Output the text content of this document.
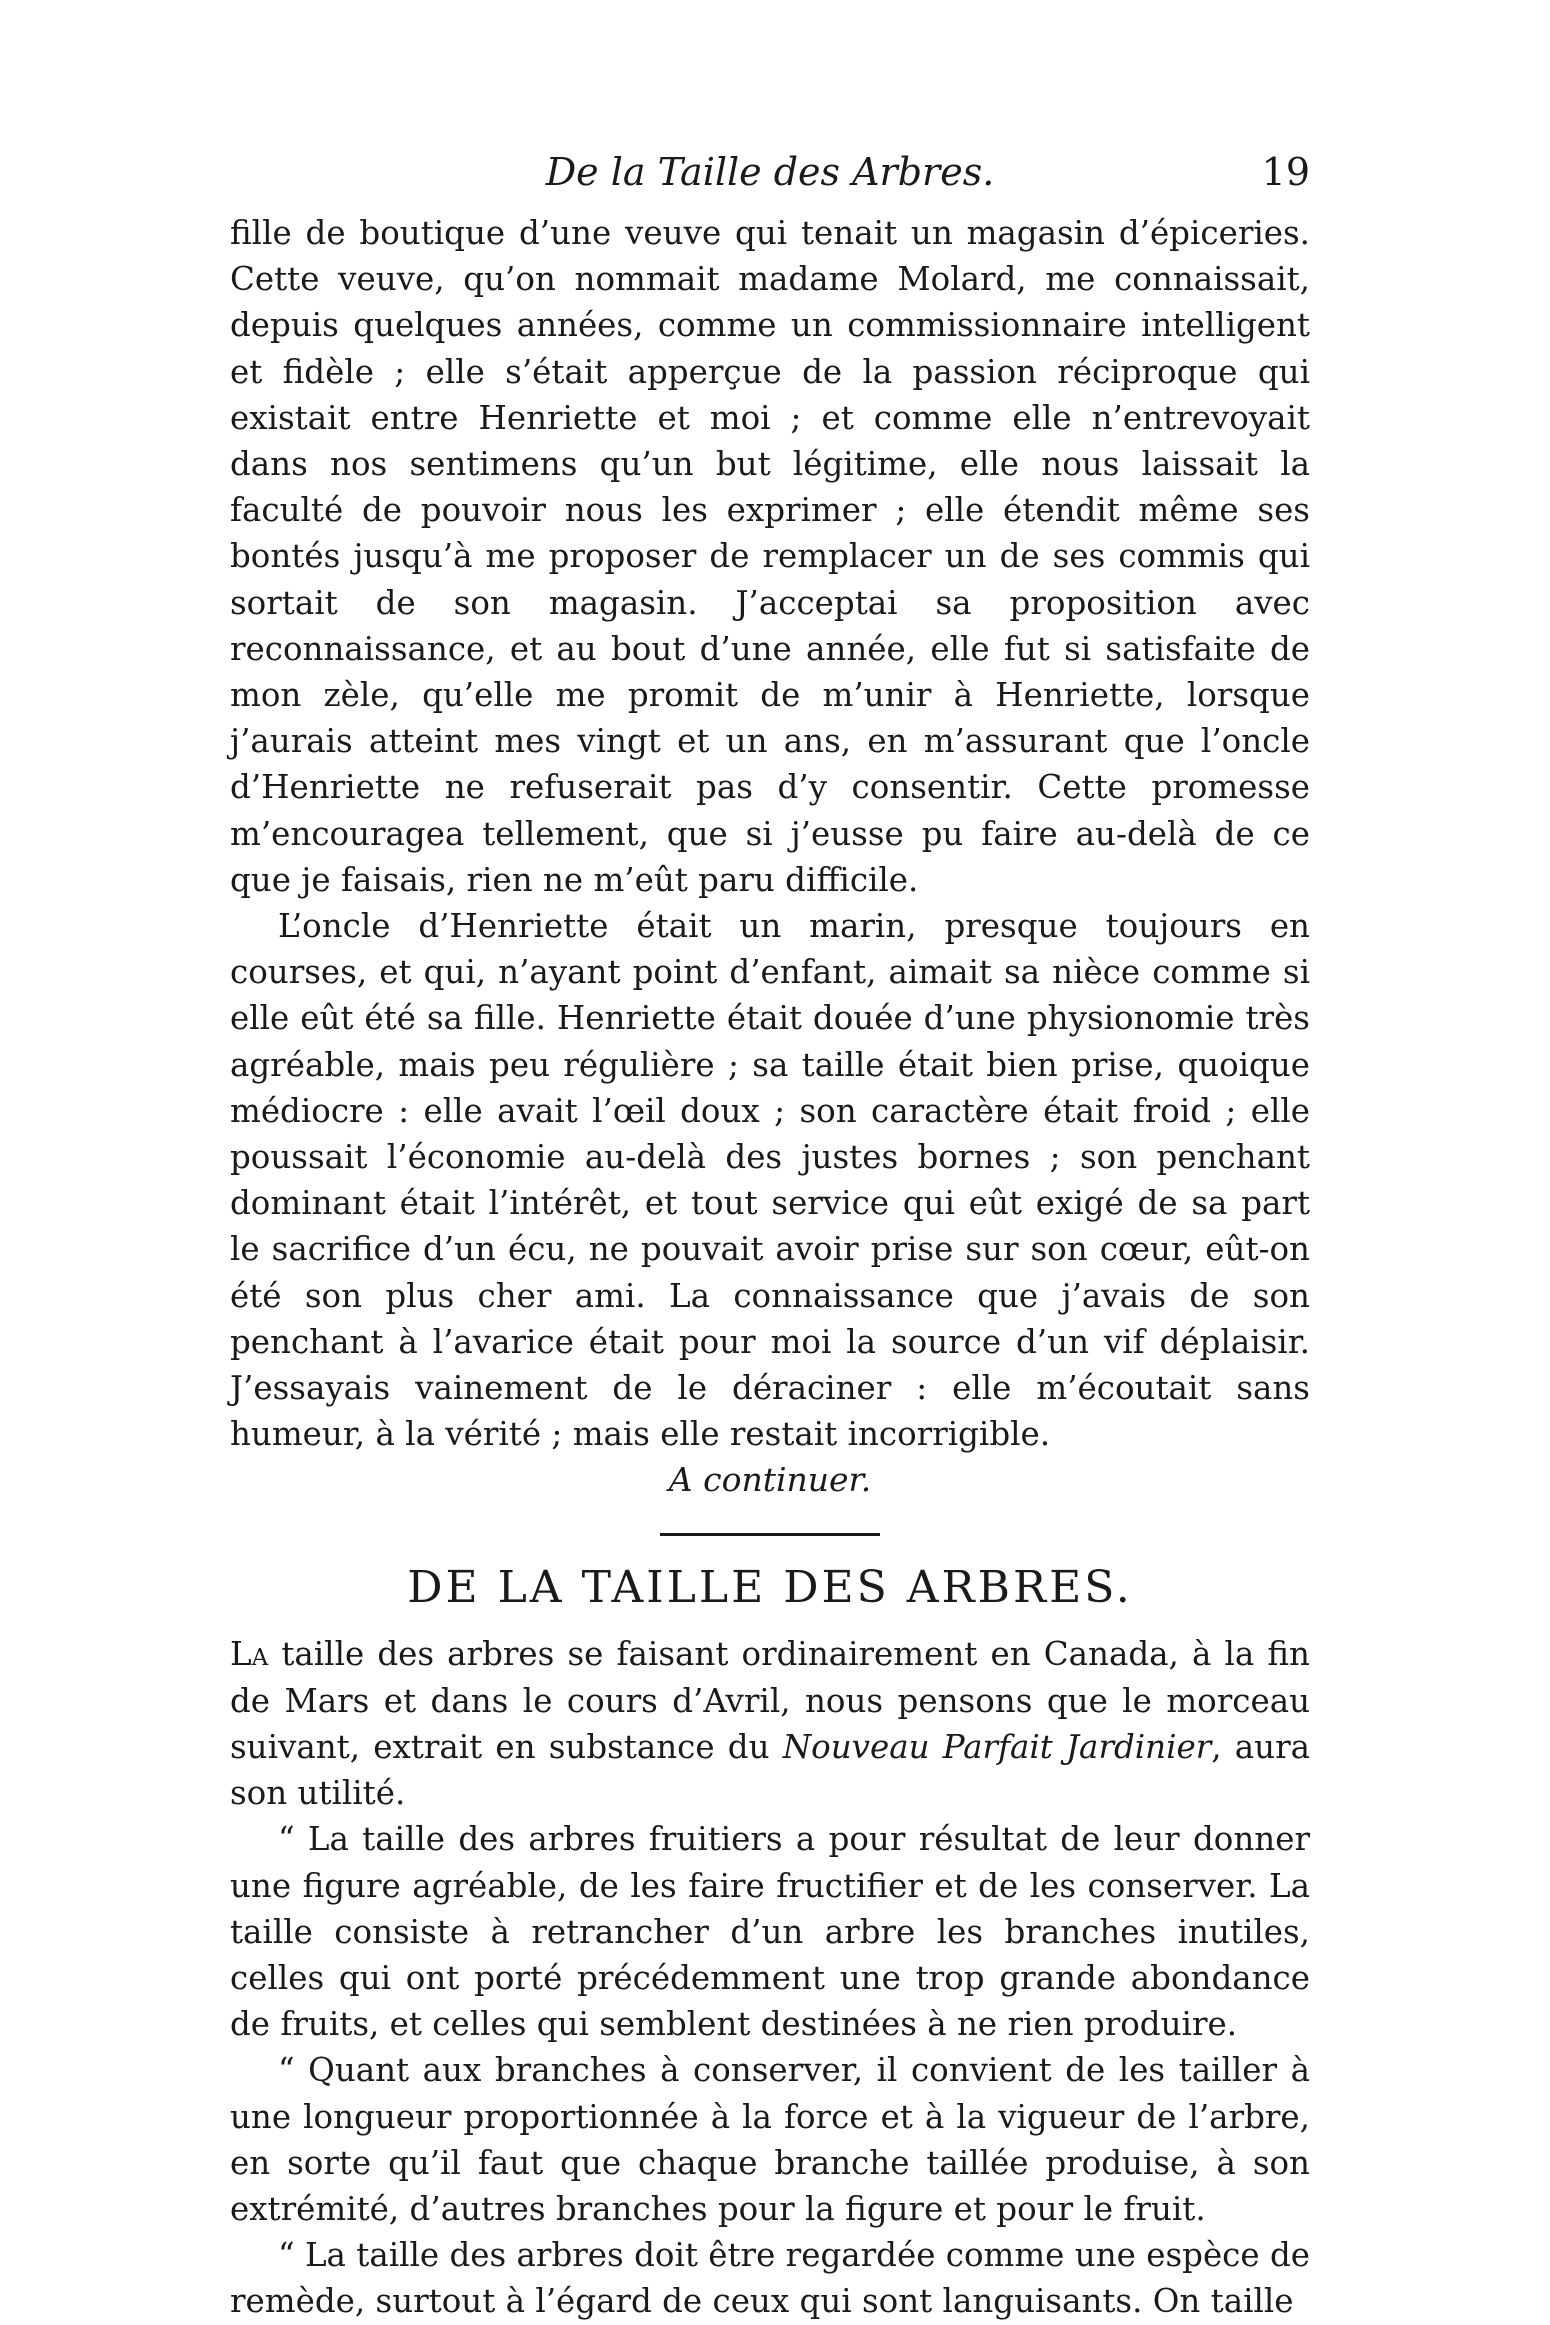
De la Taille des Arbres.	19

fille de boutique d’une veuve qui tenait un magasin d’épiceries. Cette veuve, qu’on nommait madame Molard, me connaissait, depuis quelques années, comme un commissionnaire intelligent et fidèle ; elle s’était apperçue de la passion réciproque qui existait entre Henriette et moi ; et comme elle n’entrevoyait dans nos sentimens qu’un but légitime, elle nous laissait la faculté de pouvoir nous les exprimer ; elle étendit même ses bontés jusqu’à me proposer de remplacer un de ses commis qui sortait de son magasin. J’acceptai sa proposition avec reconnaissance, et au bout d’une année, elle fut si satisfaite de mon zèle, qu’elle me promit de m’unir à Henriette, lorsque j’aurais atteint mes vingt et un ans, en m’assurant que l’oncle d’Henriette ne refuserait pas d’y consentir. Cette promesse m’encouragea tellement, que si j’eusse pu faire au-delà de ce que je faisais, rien ne m’eût paru difficile.

L’oncle d’Henriette était un marin, presque toujours en courses, et qui, n’ayant point d’enfant, aimait sa nièce comme si elle eût été sa fille. Henriette était douée d’une physionomie très agréable, mais peu régulière ; sa taille était bien prise, quoique médiocre : elle avait l’œil doux ; son caractère était froid ; elle poussait l’économie au-delà des justes bornes ; son penchant dominant était l’intérêt, et tout service qui eût exigé de sa part le sacrifice d’un écu, ne pouvait avoir prise sur son cœur, eût-on été son plus cher ami. La connaissance que j’avais de son penchant à l’avarice était pour moi la source d’un vif déplaisir. J’essayais vainement de le déraciner : elle m’écoutait sans humeur, à la vérité ; mais elle restait incorrigible.

A continuer.
DE LA TAILLE DES ARBRES.

La taille des arbres se faisant ordinairement en Canada, à la fin de Mars et dans le cours d’Avril, nous pensons que le morceau suivant, extrait en substance du Nouveau Parfait Jardinier, aura son utilité.

“ La taille des arbres fruitiers a pour résultat de leur donner une figure agréable, de les faire fructifier et de les conserver. La taille consiste à retrancher d’un arbre les branches inutiles, celles qui ont porté précédemment une trop grande abondance de fruits, et celles qui semblent destinées à ne rien produire.

“ Quant aux branches à conserver, il convient de les tailler à une longueur proportionnée à la force et à la vigueur de l’arbre, en sorte qu’il faut que chaque branche taillée produise, à son extrémité, d’autres branches pour la figure et pour le fruit.

“ La taille des arbres doit être regardée comme une espèce de remède, surtout à l’égard de ceux qui sont languisants. On taille
